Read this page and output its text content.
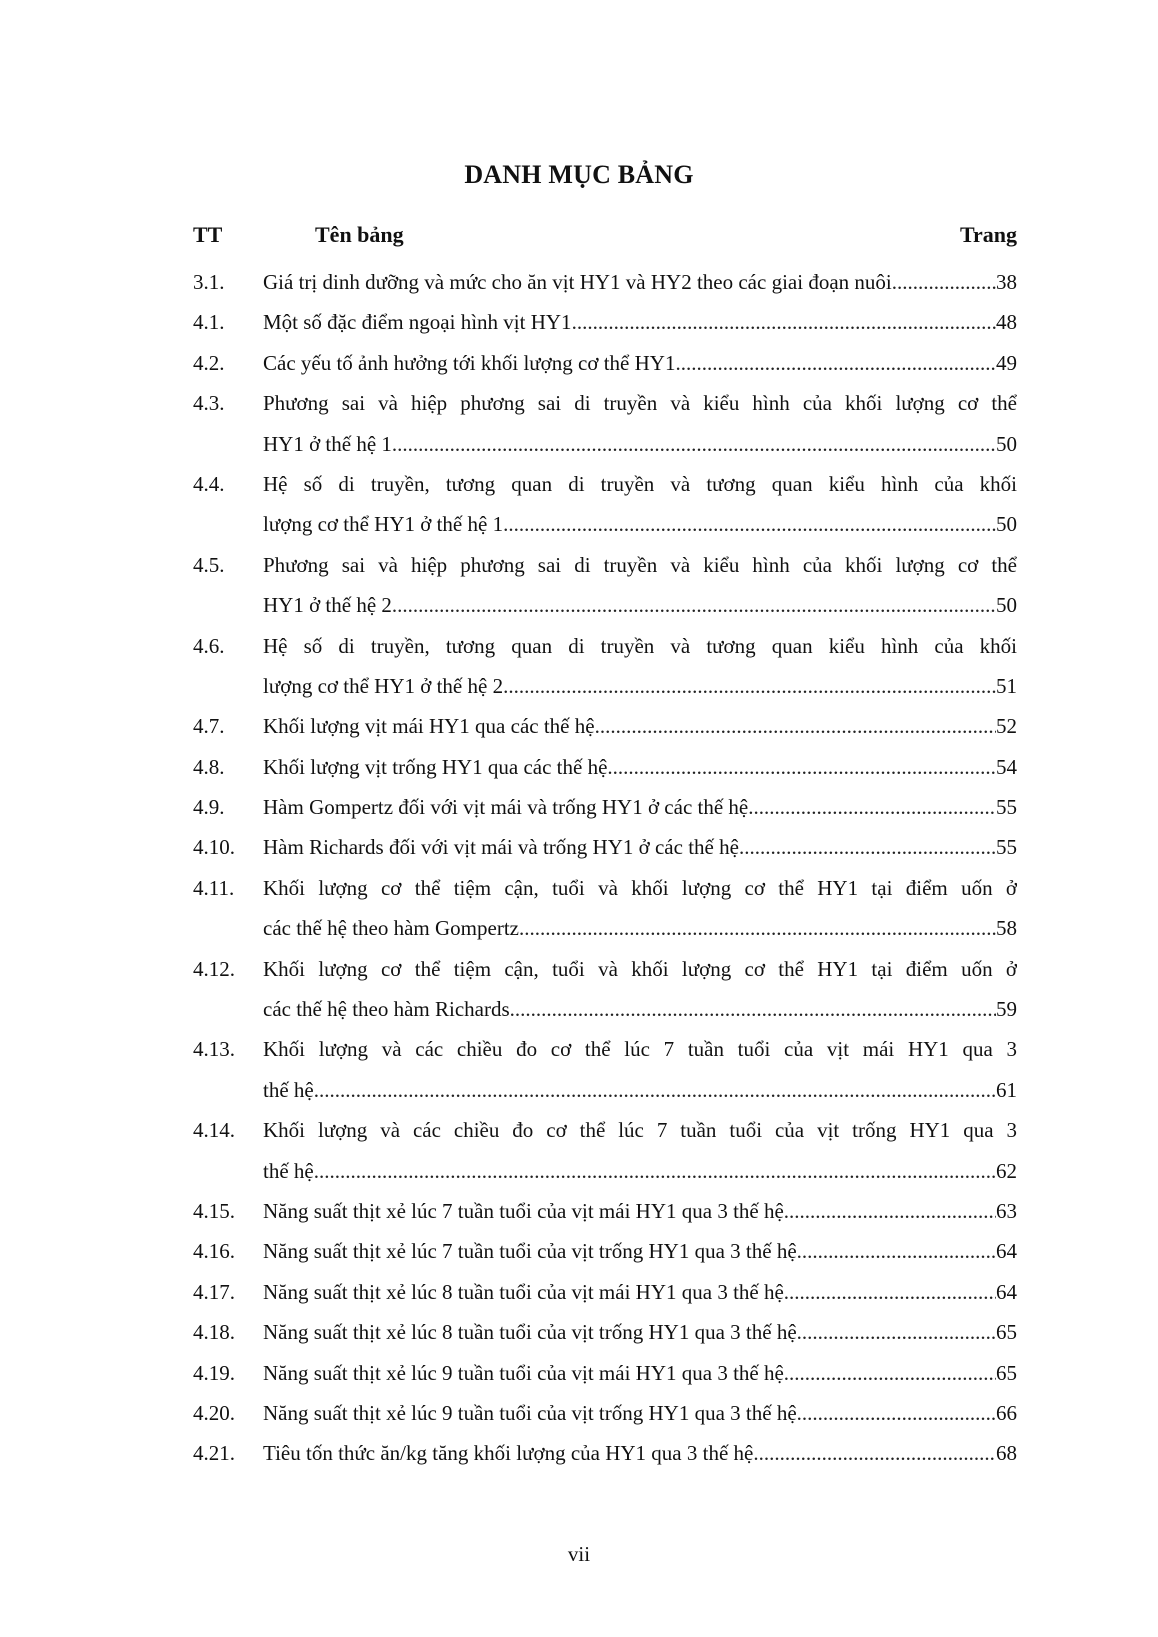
DANH MỤC BẢNG
TT	Tên bảng	Trang
3.1. Giá trị dinh dưỡng và mức cho ăn vịt HY1 và HY2 theo các giai đoạn nuôi .....	38
4.1. Một số đặc điểm ngoại hình vịt HY1 .....	48
4.2. Các yếu tố ảnh hưởng tới khối lượng cơ thể HY1 .....	49
4.3. Phương sai và hiệp phương sai di truyền và kiểu hình của khối lượng cơ thể
HY1 ở thế hệ 1 .....	50
4.4. Hệ số di truyền, tương quan di truyền và tương quan kiểu hình của khối
lượng cơ thể HY1 ở thế hệ 1 .....	50
4.5. Phương sai và hiệp phương sai di truyền và kiểu hình của khối lượng cơ thể
HY1 ở thế hệ 2 .....	50
4.6. Hệ số di truyền, tương quan di truyền và tương quan kiểu hình của khối
lượng cơ thể HY1 ở thế hệ 2 .....	51
4.7. Khối lượng vịt mái HY1 qua các thế hệ .....	52
4.8. Khối lượng vịt trống HY1 qua các thế hệ .....	54
4.9. Hàm Gompertz đối với vịt mái và trống HY1 ở các thế hệ .....	55
4.10. Hàm Richards đối với vịt mái và trống HY1 ở các thế hệ .....	55
4.11. Khối lượng cơ thể tiệm cận, tuổi và khối lượng cơ thể HY1 tại điểm uốn ở
các thế hệ theo hàm Gompertz .....	58
4.12. Khối lượng cơ thể tiệm cận, tuổi và khối lượng cơ thể HY1 tại điểm uốn ở
các thế hệ theo hàm Richards .....	59
4.13. Khối lượng và các chiều đo cơ thể lúc 7 tuần tuổi của vịt mái HY1 qua 3
thế hệ .....	61
4.14. Khối lượng và các chiều đo cơ thể lúc 7 tuần tuổi của vịt trống HY1 qua 3
thế hệ .....	62
4.15. Năng suất thịt xẻ lúc 7 tuần tuổi của vịt mái HY1 qua 3 thế hệ .....	63
4.16. Năng suất thịt xẻ lúc 7 tuần tuổi của vịt trống HY1 qua 3 thế hệ .....	64
4.17. Năng suất thịt xẻ lúc 8 tuần tuổi của vịt mái HY1 qua 3 thế hệ .....	64
4.18. Năng suất thịt xẻ lúc 8 tuần tuổi của vịt trống HY1 qua 3 thế hệ .....	65
4.19. Năng suất thịt xẻ lúc 9 tuần tuổi của vịt mái HY1 qua 3 thế hệ .....	65
4.20. Năng suất thịt xẻ lúc 9 tuần tuổi của vịt trống HY1 qua 3 thế hệ .....	66
4.21. Tiêu tốn thức ăn/kg tăng khối lượng của HY1 qua 3 thế hệ .....	68
vii
